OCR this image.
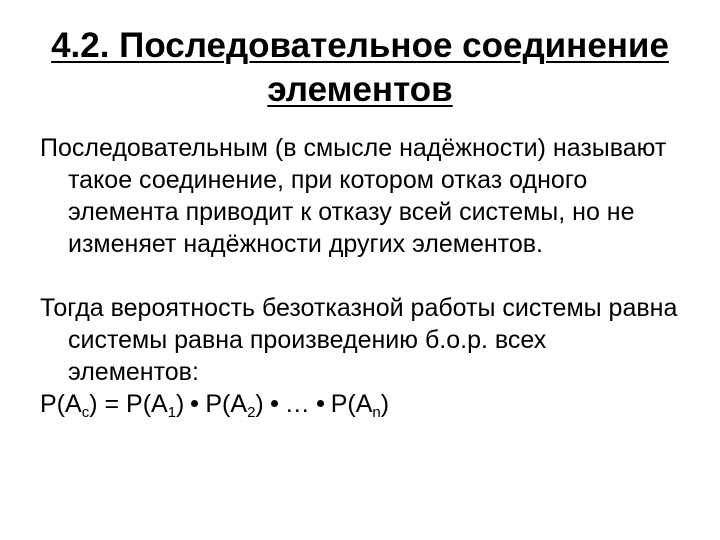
4.2. Последовательное соединение элементов

Последовательным (в смысле надёжности) называют такое соединение, при котором отказ одного элемента приводит к отказу всей системы, но не изменяет надёжности других элементов.

Тогда вероятность безотказной работы системы равна системы равна произведению б.о.р. всех элементов:

$P(A_c) = P(A_1)$ $P(A_2)$ … $P(A_n)$
